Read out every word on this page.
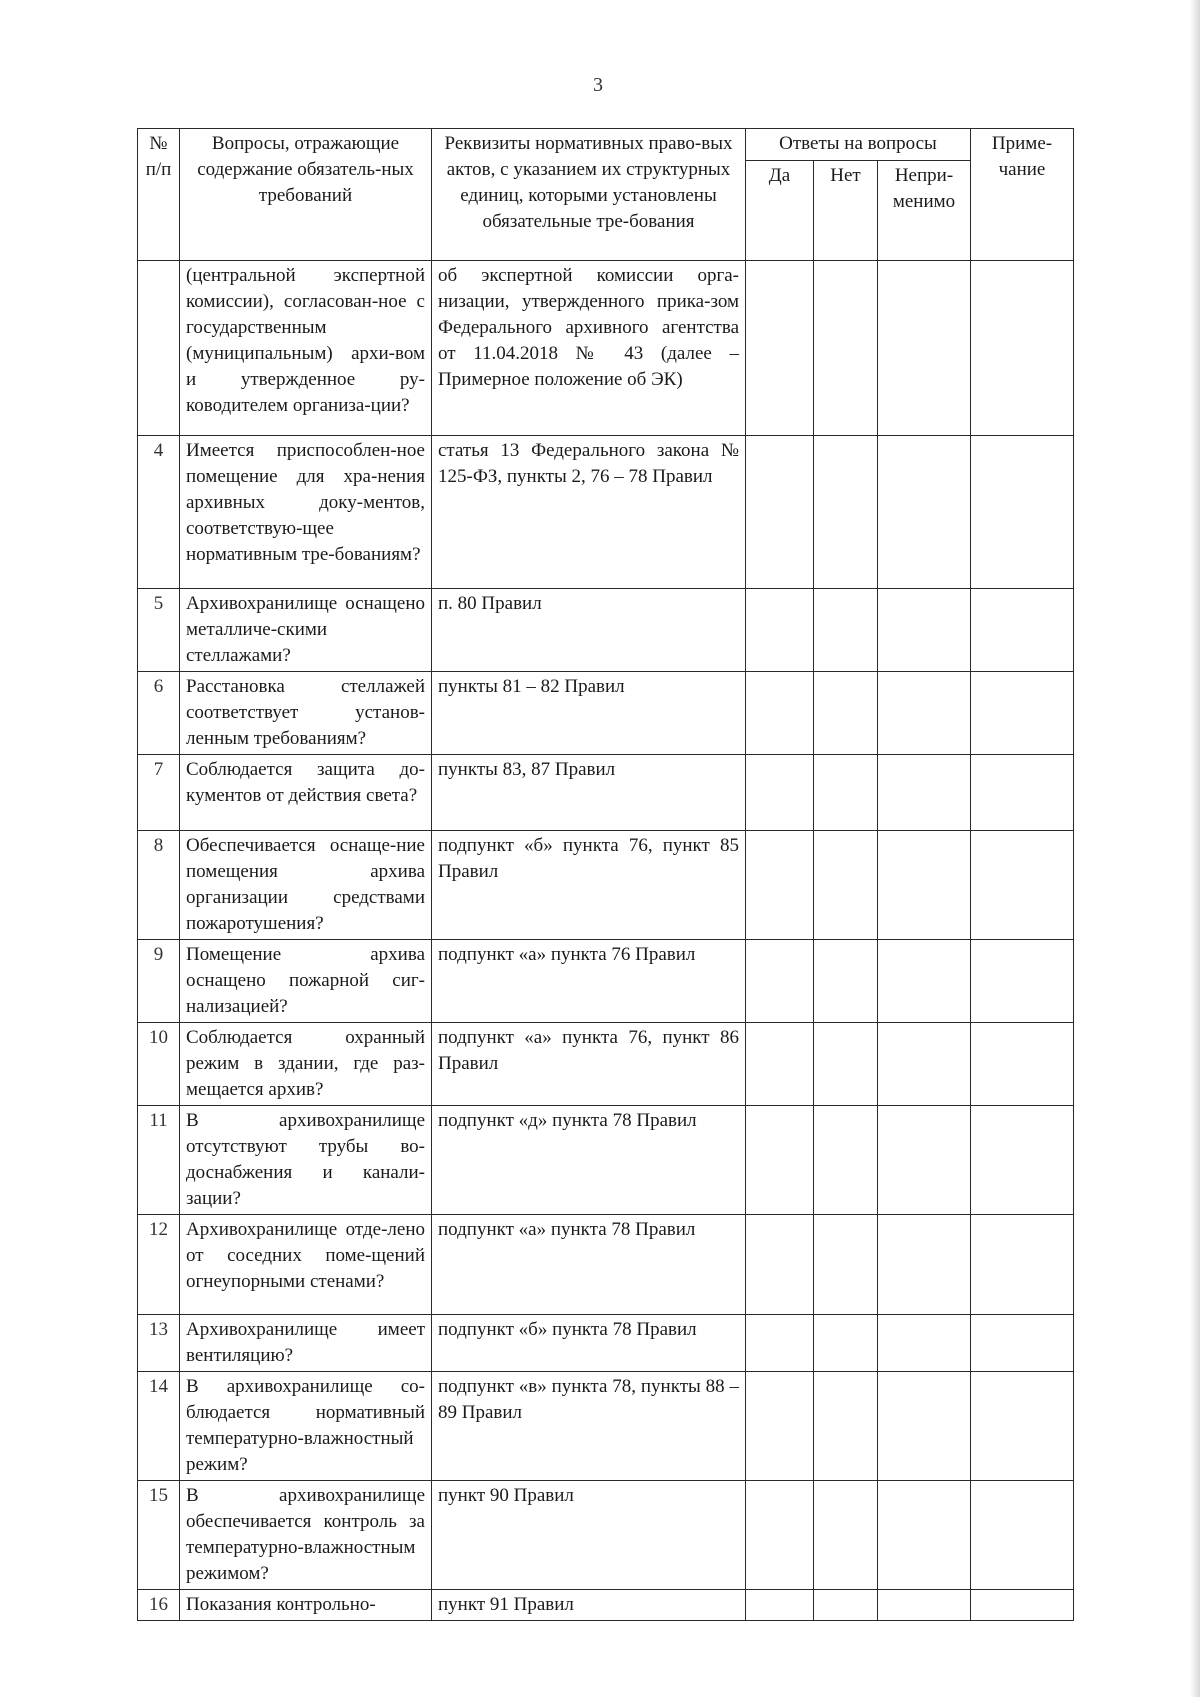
3
№ п/п	Вопросы, отражающие содержание обязатель-ных требований	Реквизиты нормативных право-вых актов, с указанием их структурных единиц, которыми установлены обязательные тре-бования	Ответы на вопросы			Приме-чание
			Да	Нет	Непри-менимо	
	(центральной экспертной комиссии), согласован-ное с государственным (муниципальным) архи-вом и утвержденное ру-ководителем организа-ции?	об экспертной комиссии орга-низации, утвержденного прика-зом Федерального архивного агентства от 11.04.2018 № 43 (далее – Примерное положение об ЭК)				
4	Имеется приспособлен-ное помещение для хра-нения архивных доку-ментов, соответствую-щее нормативным тре-бованиям?	статья 13 Федерального закона № 125-ФЗ, пункты 2, 76 – 78 Правил				
5	Архивохранилище оснащено металличе-скими стеллажами?	п. 80 Правил				
6	Расстановка стеллажей соответствует установ-ленным требованиям?	пункты 81 – 82 Правил				
7	Соблюдается защита до-кументов от действия света?	пункты 83, 87 Правил				
8	Обеспечивается оснаще-ние помещения архива организации средствами пожаротушения?	подпункт «б» пункта 76, пункт 85 Правил				
9	Помещение архива оснащено пожарной сиг-нализацией?	подпункт «а» пункта 76 Правил				
10	Соблюдается охранный режим в здании, где раз-мещается архив?	подпункт «а» пункта 76, пункт 86 Правил				
11	В архивохранилище отсутствуют трубы во-доснабжения и канали-зации?	подпункт «д» пункта 78 Правил				
12	Архивохранилище отде-лено от соседних поме-щений огнеупорными стенами?	подпункт «а» пункта 78 Правил				
13	Архивохранилище имеет вентиляцию?	подпункт «б» пункта 78 Правил				
14	В архивохранилище со-блюдается нормативный температурно-влажностный режим?	подпункт «в» пункта 78, пункты 88 – 89 Правил				
15	В архивохранилище обеспечивается контроль за температурно-влажностным режимом?	пункт 90 Правил				
16	Показания контрольно-	пункт 91 Правил				
